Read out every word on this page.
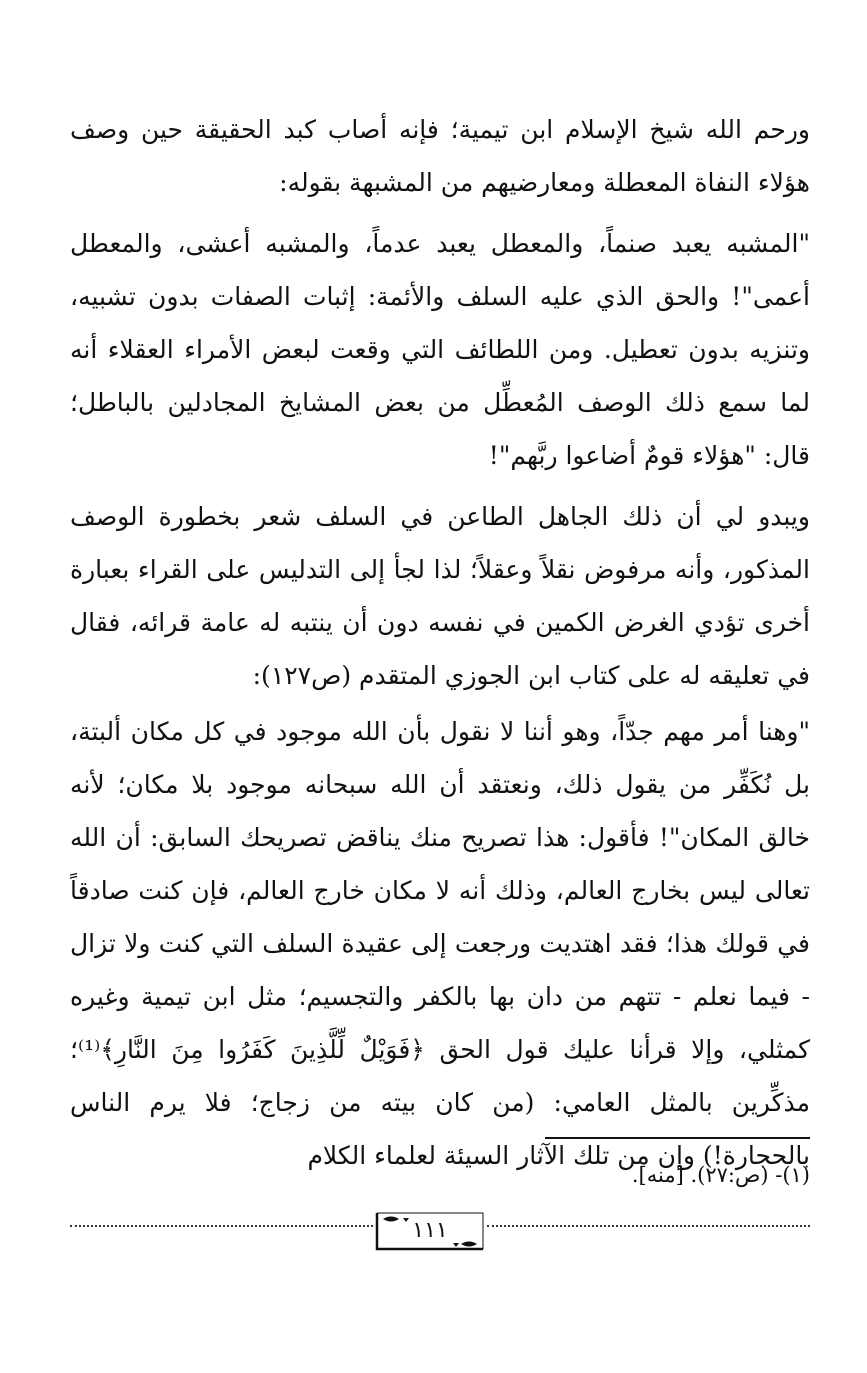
ورحم الله شيخ الإسلام ابن تيمية؛ فإنه أصاب كبد الحقيقة حين وصف هؤلاء النفاة المعطلة ومعارضيهم من المشبهة بقوله:

"المشبه يعبد صنماً، والمعطل يعبد عدماً، والمشبه أعشى، والمعطل أعمى"! والحق الذي عليه السلف والأئمة: إثبات الصفات بدون تشبيه، وتنزيه بدون تعطيل. ومن اللطائف التي وقعت لبعض الأمراء العقلاء أنه لما سمع ذلك الوصف المُعطِّل من بعض المشايخ المجادلين بالباطل؛ قال: "هؤلاء قومٌ أضاعوا ربَّهم"!

ويبدو لي أن ذلك الجاهل الطاعن في السلف شعر بخطورة الوصف المذكور، وأنه مرفوض نقلاً وعقلاً؛ لذا لجأ إلى التدليس على القراء بعبارة أخرى تؤدي الغرض الكمين في نفسه دون أن ينتبه له عامة قرائه، فقال في تعليقه له على كتاب ابن الجوزي المتقدم (ص١٢٧):

"وهنا أمر مهم جدّاً، وهو أننا لا نقول بأن الله موجود في كل مكان ألبتة، بل نُكَفِّر من يقول ذلك، ونعتقد أن الله سبحانه موجود بلا مكان؛ لأنه خالق المكان"! فأقول: هذا تصريح منك يناقض تصريحك السابق: أن الله تعالى ليس بخارج العالم، وذلك أنه لا مكان خارج العالم، فإن كنت صادقاً في قولك هذا؛ فقد اهتديت ورجعت إلى عقيدة السلف التي كنت ولا تزال - فيما نعلم - تتهم من دان بها بالكفر والتجسيم؛ مثل ابن تيمية وغيره كمثلي، وإلا قرأنا عليك قول الحق ﴿فَوَيْلٌ لِّلَّذِينَ كَفَرُوا مِنَ النَّارِ﴾⁽¹⁾؛ مذكِّرين بالمثل العامي: (من كان بيته من زجاج؛ فلا يرم الناس بالحجارة!) وإن من تلك الآثار السيئة لعلماء الكلام

(١)- (ص:٢٧). [منه].
١١١
